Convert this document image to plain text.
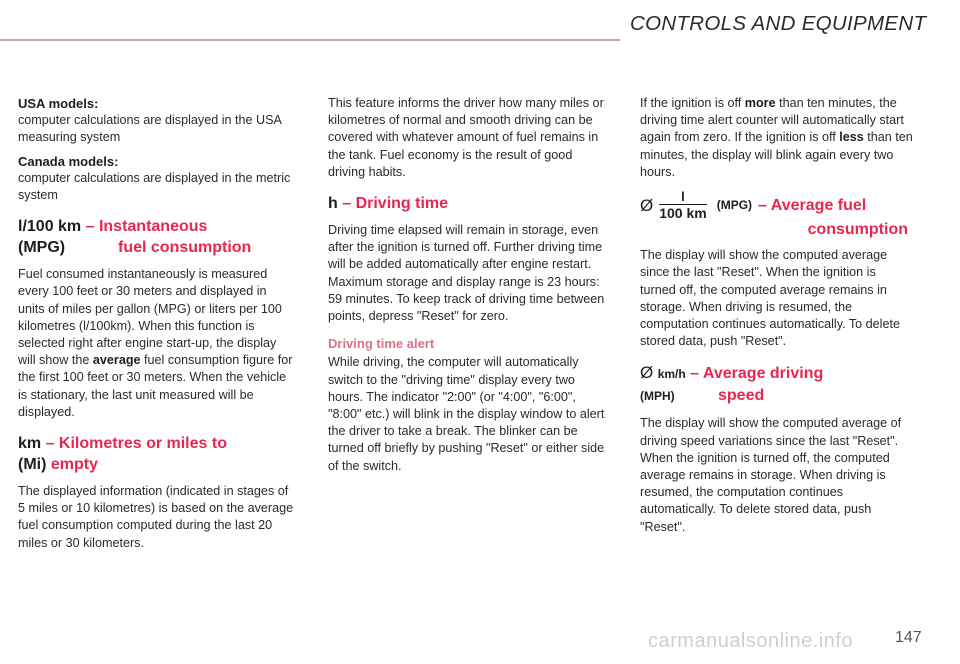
CONTROLS AND EQUIPMENT

USA models:

computer calculations are displayed in the USA measuring system

Canada models:

computer calculations are displayed in the metric system

l/100 km – Instantaneous
(MPG)	fuel consumption

Fuel consumed instantaneously is measured every 100 feet or 30 meters and displayed in units of miles per gallon (MPG) or liters per 100 kilometres (l/100km). When this function is selected right after engine start-up, the display will show the average fuel consumption figure for the first 100 feet or 30 meters. When the vehicle is stationary, the last unit measured will be displayed.

km – Kilometres or miles to
(Mi) empty

The displayed information (indicated in stages of 5 miles or 10 kilometres) is based on the average fuel consumption computed during the last 20 miles or 30 kilometers.

This feature informs the driver how many miles or kilometres of normal and smooth driving can be covered with whatever amount of fuel remains in the tank. Fuel economy is the result of good driving habits.

h – Driving time

Driving time elapsed will remain in storage, even after the ignition is turned off. Further driving time will be added automatically after engine restart. Maximum storage and display range is 23 hours: 59 minutes. To keep track of driving time between points, depress "Reset" for zero.

Driving time alert

While driving, the computer will automatically switch to the "driving time" display every two hours. The indicator "2:00" (or "4:00", "6:00", "8:00" etc.) will blink in the display window to alert the driver to take a break. The blinker can be turned off briefly by pushing "Reset" or either side of the switch.

If the ignition is off more than ten minutes, the driving time alert counter will automatically start again from zero. If the ignition is off less than ten minutes, the display will blink again every two hours.

Ø $\frac{l}{100 km} (MPG)$ – Average fuel
consumption

The display will show the computed average since the last "Reset". When the ignition is turned off, the computed average remains in storage. When driving is resumed, the computation continues automatically. To delete stored data, push "Reset".

Ø km/h – Average driving
(MPH)	speed

The display will show the computed average of driving speed variations since the last "Reset". When the ignition is turned off, the computed average remains in storage. When driving is resumed, the computation continues automatically. To delete stored data, push "Reset".

carmanualsonline.info	147
